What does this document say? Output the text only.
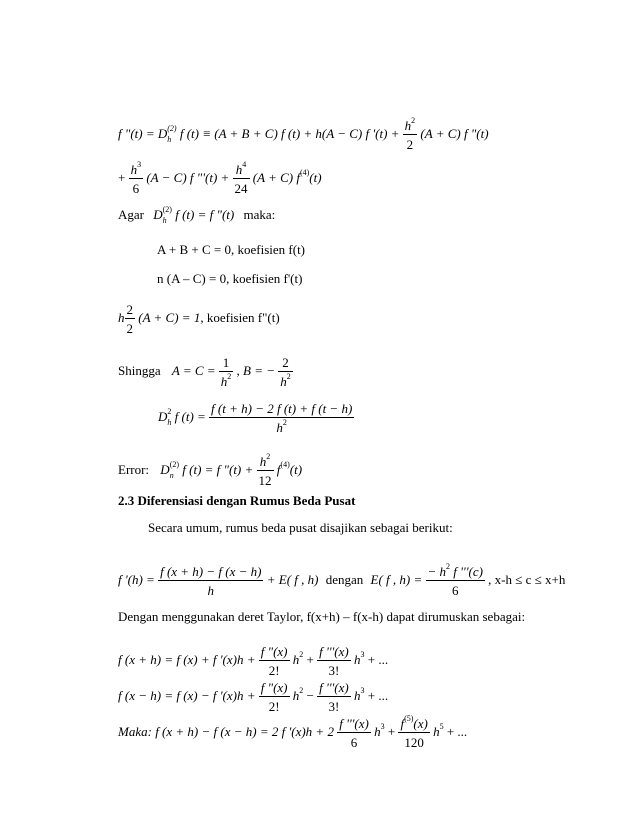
f "$(t) = D_h^{(2)}$ f (t) ≡ (A + B + C) f (t) + h(A − C) f '$(t) + \frac{h^2}{2} (A + C)$ f "(t)
+ $\frac{h^3}{6} (A - C)$ f "'$(t) + \frac{h^4}{24} (A + C)$ $f^{(4)}(t)$
Agar $D_h^{(2)}$ f (t) = f "(t) maka:
A + B + C = 0, koefisien f(t)
n (A – C) = 0, koefisien f'(t)
h $\frac{2}{2} (A + C) = 1$, koefisien f"(t)
Shingga $A = C = \frac{1}{h^2}$ , B = − $\frac{2}{h^2}$
$D_h^2$ f $(t) = \frac{f (t + h) - 2 f (t) + f (t - h)}{h^2}$
Error: $D_n^{(2)}$ f (t) = f "$(t) + \frac{h^2}{12} f^{(4)}(t)$
2.3 Diferensiasi dengan Rumus Beda Pusat
Secara umum, rumus beda pusat disajikan sebagai berikut:
f '$(h) = \frac{f (x + h) - f (x - h)}{h} + E$( f , h) dengan E( f , $h) = \frac{- h^2 f '''(c)}{6}$ , x-h ≤ c ≤ x+h
Dengan menggunakan deret Taylor, f(x+h) – f(x-h) dapat dirumuskan sebagai:
f (x + h) = f (x) + f '$(x)h + \frac{f "(x)}{2!} h^2 + \frac{f '''(x)}{3!} h^3$ + ...
f (x − h) = f (x) − f '$(x)h + \frac{f "(x)}{2!} h^2 - \frac{f '''(x)}{3!} h^3$ + ...
Maka: f (x + h) − f (x − h) = 2 f '$(x)h + 2 \frac{f '''(x)}{6} h^3 + \frac{f^{(5)}(x)}{120} h^5$ + ...
